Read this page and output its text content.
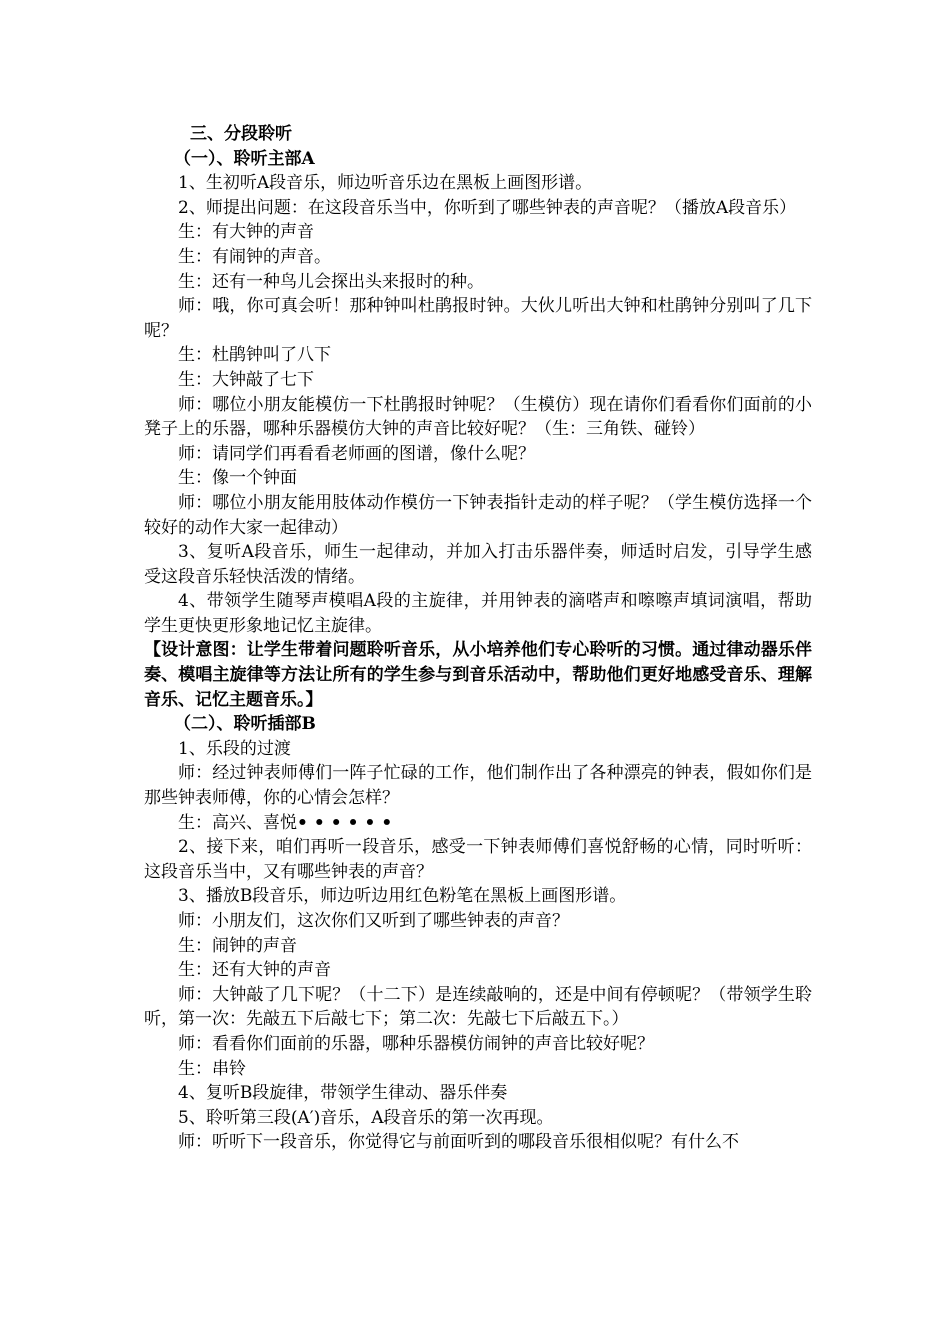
三、分段聆听

（一）、聆听主部A

1、生初听A段音乐，师边听音乐边在黑板上画图形谱。

2、师提出问题：在这段音乐当中，你听到了哪些钟表的声音呢？（播放A段音乐）

生：有大钟的声音

生：有闹钟的声音。

生：还有一种鸟儿会探出头来报时的种。

师：哦，你可真会听！那种钟叫杜鹃报时钟。大伙儿听出大钟和杜鹃钟分别叫了几下呢？

生：杜鹃钟叫了八下

生：大钟敲了七下

师：哪位小朋友能模仿一下杜鹃报时钟呢？（生模仿）现在请你们看看你们面前的小凳子上的乐器，哪种乐器模仿大钟的声音比较好呢？（生：三角铁、碰铃）

师：请同学们再看看老师画的图谱，像什么呢？

生：像一个钟面

师：哪位小朋友能用肢体动作模仿一下钟表指针走动的样子呢？（学生模仿选择一个较好的动作大家一起律动）

3、复听A段音乐，师生一起律动，并加入打击乐器伴奏，师适时启发，引导学生感受这段音乐轻快活泼的情绪。

4、带领学生随琴声模唱A段的主旋律，并用钟表的滴嗒声和嚓嚓声填词演唱，帮助学生更快更形象地记忆主旋律。

【设计意图：让学生带着问题聆听音乐，从小培养他们专心聆听的习惯。通过律动器乐伴奏、模唱主旋律等方法让所有的学生参与到音乐活动中，帮助他们更好地感受音乐、理解音乐、记忆主题音乐。】

（二）、聆听插部B

1、乐段的过渡

师：经过钟表师傅们一阵子忙碌的工作，他们制作出了各种漂亮的钟表，假如你们是那些钟表师傅，你的心情会怎样？

生：高兴、喜悦••••••

2、接下来，咱们再听一段音乐，感受一下钟表师傅们喜悦舒畅的心情，同时听听：这段音乐当中，又有哪些钟表的声音？

3、播放B段音乐，师边听边用红色粉笔在黑板上画图形谱。

师：小朋友们，这次你们又听到了哪些钟表的声音？

生：闹钟的声音

生：还有大钟的声音

师：大钟敲了几下呢？（十二下）是连续敲响的，还是中间有停顿呢？（带领学生聆听，第一次：先敲五下后敲七下；第二次：先敲七下后敲五下。）

师：看看你们面前的乐器，哪种乐器模仿闹钟的声音比较好呢？

生：串铃

4、复听B段旋律，带领学生律动、器乐伴奏

5、聆听第三段(A′)音乐，A段音乐的第一次再现。

师：听听下一段音乐，你觉得它与前面听到的哪段音乐很相似呢？有什么不
